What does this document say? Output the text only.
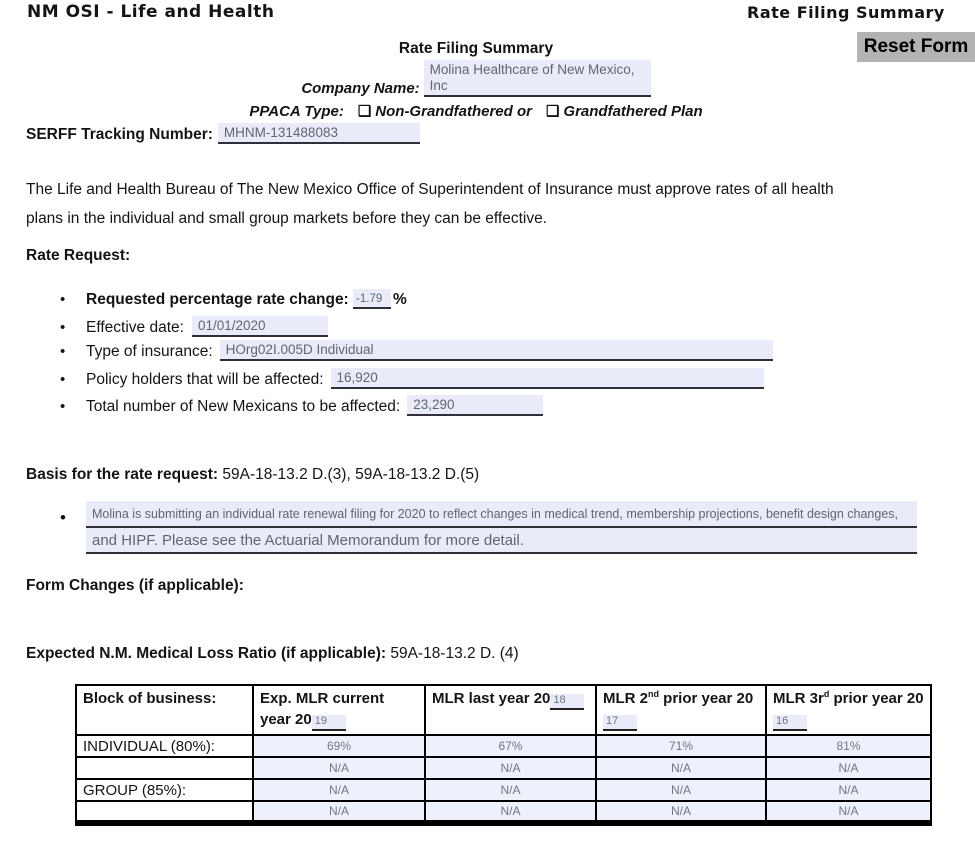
NM OSI - Life and Health	Rate Filing Summary
Reset Form
Rate Filing Summary
Company Name:Molina Healthcare of New Mexico, Inc
PPACA Type: ❑ Non-Grandfathered or ❑ Grandfathered Plan
SERFF Tracking Number: MHNM-131488083
The Life and Health Bureau of The New Mexico Office of Superintendent of Insurance must approve rates of all health plans in the individual and small group markets before they can be effective.
Rate Request:
• Requested percentage rate change: -1.79 %
• Effective date: 01/01/2020
• Type of insurance: HOrg02I.005D Individual
• Policy holders that will be affected: 16,920
• Total number of New Mexicans to be affected: 23,290
Basis for the rate request: 59A-18-13.2 D.(3), 59A-18-13.2 D.(5)
•	Molina is submitting an individual rate renewal filing for 2020 to reflect changes in medical trend, membership projections, benefit design changes,
and HIPF. Please see the Actuarial Memorandum for more detail.
Form Changes (if applicable):
Expected N.M. Medical Loss Ratio (if applicable): 59A-18-13.2 D. (4)
Block of business:	Exp. MLR current year 20 19	MLR last year 20 18	MLR 2nd prior year 2017	MLR $3r^d$ prior year 2016
INDIVIDUAL (80%):	69%	67%	71%	81%
	N/A	N/A	N/A	N/A
GROUP (85%):	N/A	N/A	N/A	N/A
	N/A	N/A	N/A	N/A
